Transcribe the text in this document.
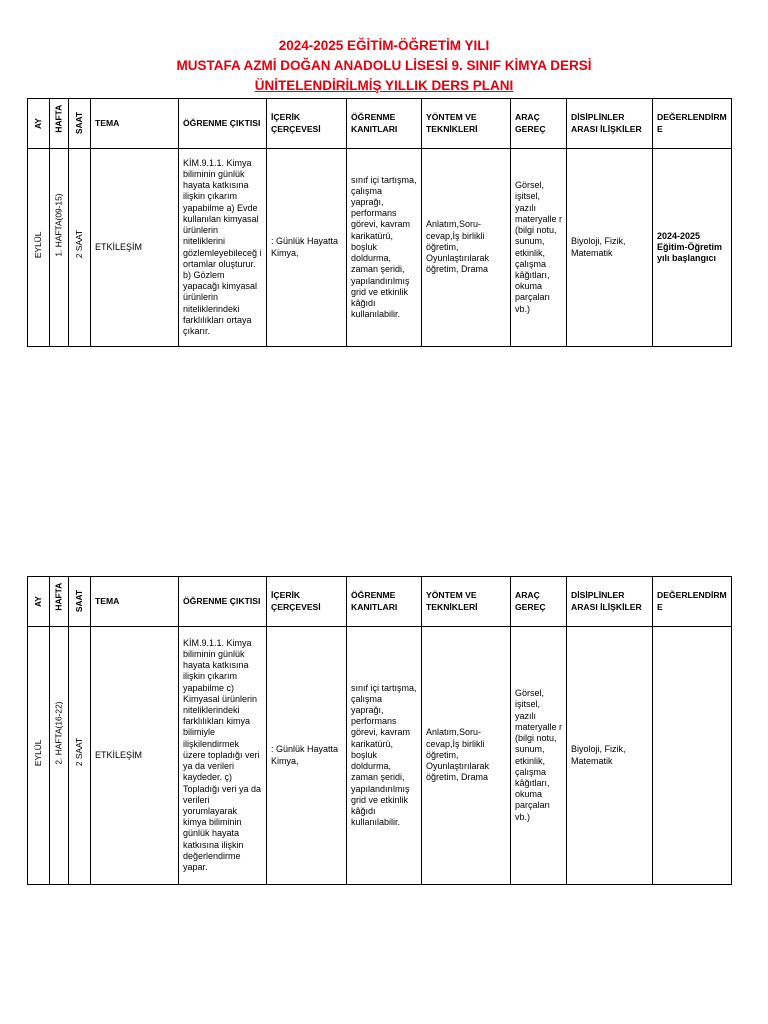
2024-2025 EĞİTİM-ÖĞRETİM YILI
MUSTAFA AZMİ DOĞAN ANADOLU LİSESİ 9. SINIF KİMYA DERSİ
ÜNİTELENDİRİLMİŞ YILLIK DERS PLANI
AY	HAFTA	SAAT	TEMA	ÖĞRENME ÇIKTISI	İÇERİK ÇERÇEVESİ	ÖĞRENME KANITLARI	YÖNTEM VE TEKNİKLERİ	ARAÇ GEREÇ	DİSİPLİNLER ARASI İLİŞKİLER	DEĞERLENDİRM E

EYLÜL	1. HAFTA(09-15)	2 SAAT	ETKİLEŞİM	KİM.9.1.1. Kimya biliminin günlük hayata katkısına ilişkin çıkarım yapabilme a) Evde kullanılan kimyasal ürünlerin niteliklerini gözlemleyebileceğ i ortamlar oluşturur. b) Gözlem yapacağı kimyasal ürünlerin niteliklerindeki farklılıkları ortaya çıkarır.	: Günlük Hayatta Kimya,	sınıf içi tartışma, çalışma yaprağı, performans görevi, kavram karikatürü, boşluk doldurma, zaman şeridi, yapılandırılmış grid ve etkinlik kâğıdı kullanılabilir.	Anlatım,Soru-cevap,İş birlikli öğretim, Oyunlaştırılarak öğretim, Drama	Görsel, işitsel, yazılı materyalle r (bilgi notu, sunum, etkinlik, çalışma kâğıtları, okuma parçaları vb.)	Biyoloji, Fizik, Matematik	2024-2025 Eğitim-Öğretim yılı başlangıcı
AY	HAFTA	SAAT	TEMA	ÖĞRENME ÇIKTISI	İÇERİK ÇERÇEVESİ	ÖĞRENME KANITLARI	YÖNTEM VE TEKNİKLERİ	ARAÇ GEREÇ	DİSİPLİNLER ARASI İLİŞKİLER	DEĞERLENDİRM E

EYLÜL	2. HAFTA(16-22)	2 SAAT	ETKİLEŞİM	KİM.9.1.1. Kimya biliminin günlük hayata katkısına ilişkin çıkarım yapabilme c) Kimyasal ürünlerin niteliklerindeki farklılıkları kimya bilimiyle ilişkilendirmek üzere topladığı veri ya da verileri kaydeder. ç) Topladığı veri ya da verileri yorumlayarak kimya biliminin günlük hayata katkısına ilişkin değerlendirme yapar.	: Günlük Hayatta Kimya,	sınıf içi tartışma, çalışma yaprağı, performans görevi, kavram karikatürü, boşluk doldurma, zaman şeridi, yapılandırılmış grid ve etkinlik kâğıdı kullanılabilir.	Anlatım,Soru-cevap,İş birlikli öğretim, Oyunlaştırılarak öğretim, Drama	Görsel, işitsel, yazılı materyalle r (bilgi notu, sunum, etkinlik, çalışma kâğıtları, okuma parçaları vb.)	Biyoloji, Fizik, Matematik	
